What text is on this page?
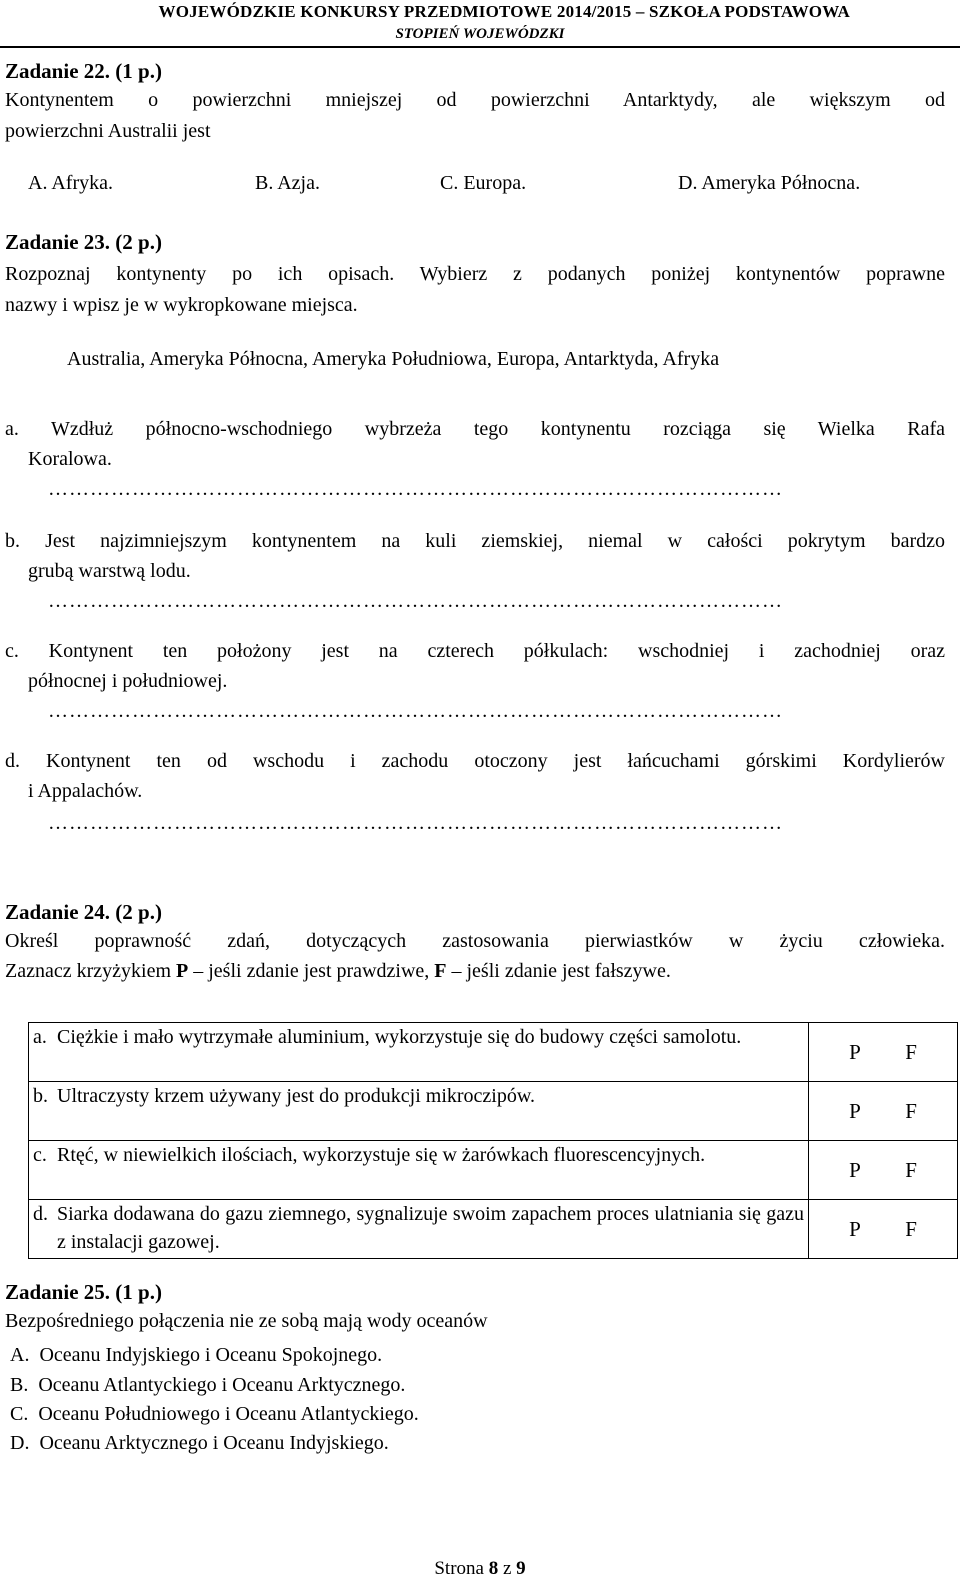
WOJEWÓDZKIE KONKURSY PRZEDMIOTOWE 2014/2015 – SZKOŁA PODSTAWOWA
STOPIEŃ WOJEWÓDZKI
Zadanie 22. (1 p.)
Kontynentem o powierzchni mniejszej od powierzchni Antarktydy, ale większym od
powierzchni Australii jest
A. Afryka.	B. Azja.	C. Europa.	D. Ameryka Północna.
Zadanie 23. (2 p.)
Rozpoznaj kontynenty po ich opisach. Wybierz z podanych poniżej kontynentów poprawne
nazwy i wpisz je w wykropkowane miejsca.
Australia, Ameryka Północna, Ameryka Południowa, Europa, Antarktyda, Afryka
a. Wzdłuż północno-wschodniego wybrzeża tego kontynentu rozciąga się Wielka Rafa
Koralowa.
……………………………………………………………………………………………
b. Jest najzimniejszym kontynentem na kuli ziemskiej, niemal w całości pokrytym bardzo
grubą warstwą lodu.
……………………………………………………………………………………………
c. Kontynent ten położony jest na czterech półkulach: wschodniej i zachodniej oraz
północnej i południowej.
……………………………………………………………………………………………
d. Kontynent ten od wschodu i zachodu otoczony jest łańcuchami górskimi Kordylierów
i Appalachów.
……………………………………………………………………………………………
Zadanie 24. (2 p.)
Określ poprawność zdań, dotyczących zastosowania pierwiastków w życiu człowieka.
Zaznacz krzyżykiem P – jeśli zdanie jest prawdziwe, F – jeśli zdanie jest fałszywe.
a. Ciężkie i mało wytrzymałe aluminium, wykorzystuje się do budowy części samolotu.	P F

b. Ultraczysty krzem używany jest do produkcji mikroczipów.	P F

c. Rtęć, w niewielkich ilościach, wykorzystuje się w żarówkach fluorescencyjnych.	P F

d. Siarka dodawana do gazu ziemnego, sygnalizuje swoim zapachem proces ulatniania się gazu z instalacji gazowej.	P F
Zadanie 25. (1 p.)
Bezpośredniego połączenia nie ze sobą mają wody oceanów
A.  Oceanu Indyjskiego i Oceanu Spokojnego.
B.  Oceanu Atlantyckiego i Oceanu Arktycznego.
C.  Oceanu Południowego i Oceanu Atlantyckiego.
D.  Oceanu Arktycznego i Oceanu Indyjskiego.
Strona 8 z 9
